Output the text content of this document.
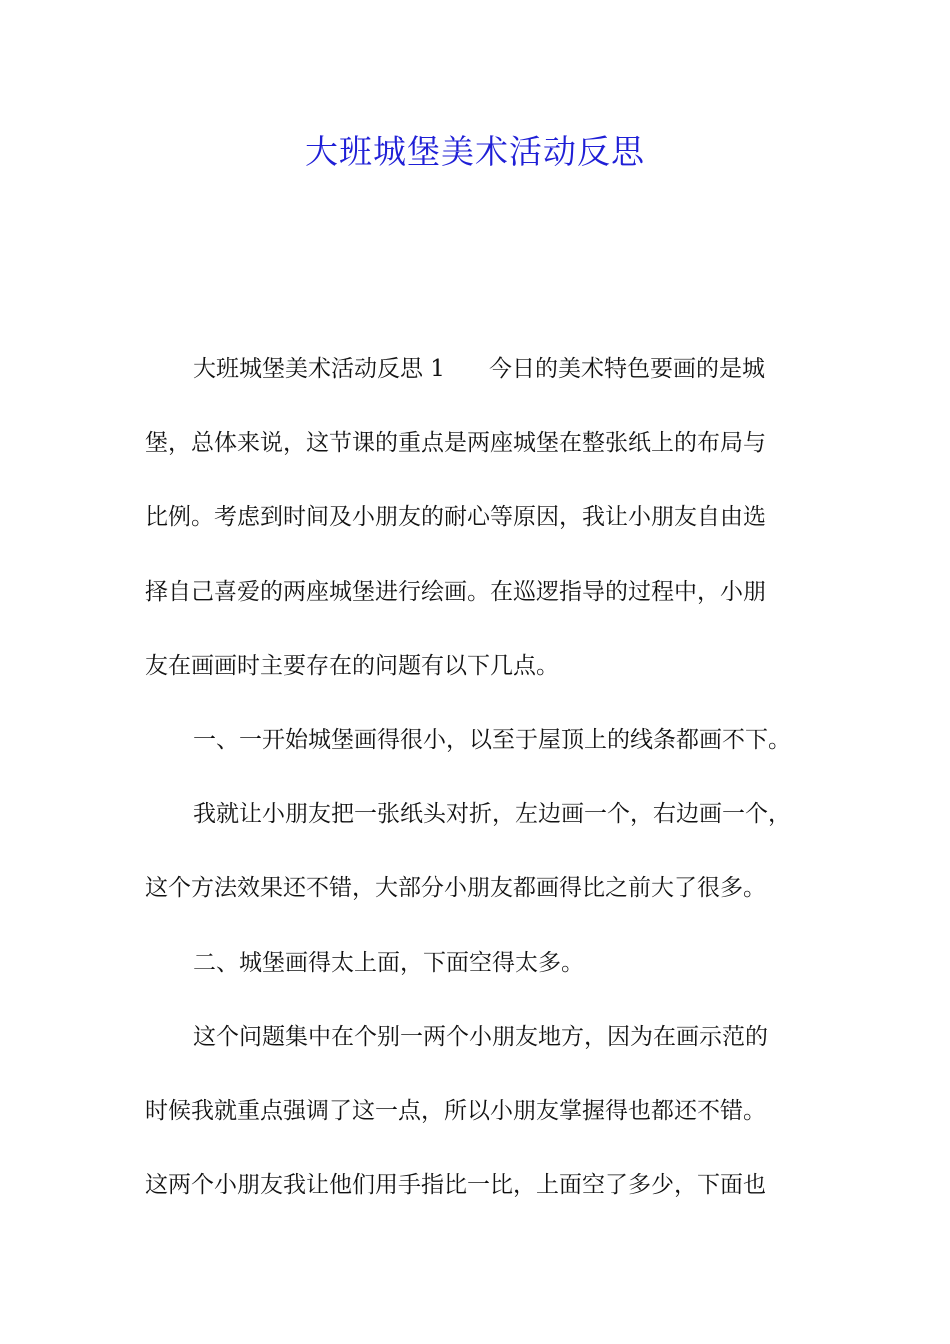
大班城堡美术活动反思
大班城堡美术活动反思 1 今日的美术特色要画的是城
堡，总体来说，这节课的重点是两座城堡在整张纸上的布局与
比例。考虑到时间及小朋友的耐心等原因，我让小朋友自由选
择自己喜爱的两座城堡进行绘画。在巡逻指导的过程中，小朋
友在画画时主要存在的问题有以下几点。
一、一开始城堡画得很小，以至于屋顶上的线条都画不下。
我就让小朋友把一张纸头对折，左边画一个，右边画一个，
这个方法效果还不错，大部分小朋友都画得比之前大了很多。
二、城堡画得太上面，下面空得太多。
这个问题集中在个别一两个小朋友地方，因为在画示范的
时候我就重点强调了这一点，所以小朋友掌握得也都还不错。
这两个小朋友我让他们用手指比一比，上面空了多少，下面也
